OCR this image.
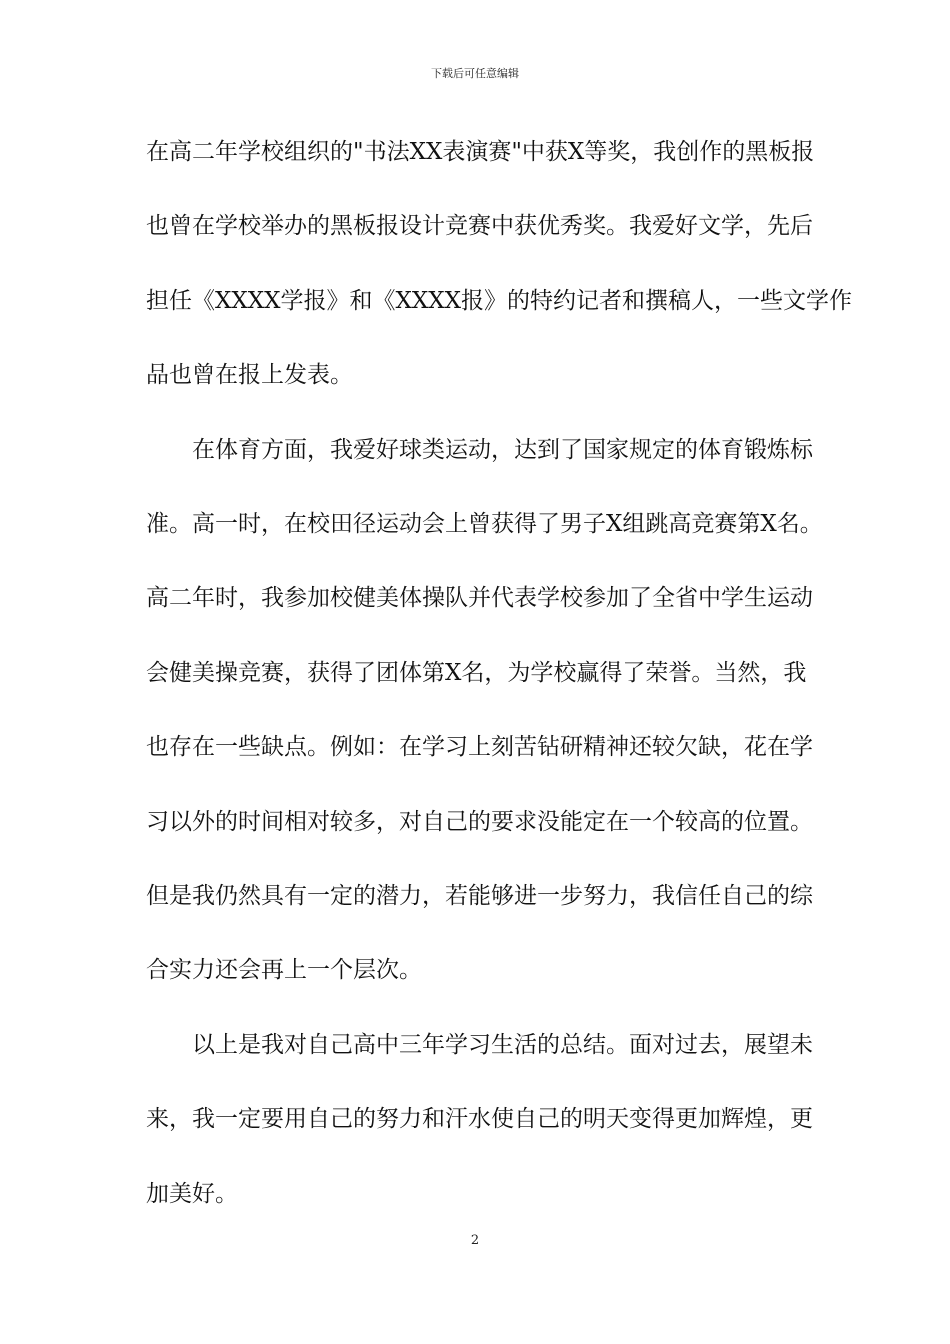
下载后可任意编辑
在高二年学校组织的"书法XX表演赛"中获X等奖，我创作的黑板报
也曾在学校举办的黑板报设计竞赛中获优秀奖。我爱好文学，先后
担任《XXXX学报》和《XXXX报》的特约记者和撰稿人，一些文学作
品也曾在报上发表。
　　在体育方面，我爱好球类运动，达到了国家规定的体育锻炼标
准。高一时，在校田径运动会上曾获得了男子X组跳高竞赛第X名。
高二年时，我参加校健美体操队并代表学校参加了全省中学生运动
会健美操竞赛，获得了团体第X名，为学校赢得了荣誉。当然，我
也存在一些缺点。例如：在学习上刻苦钻研精神还较欠缺，花在学
习以外的时间相对较多，对自己的要求没能定在一个较高的位置。
但是我仍然具有一定的潜力，若能够进一步努力，我信任自己的综
合实力还会再上一个层次。
　　以上是我对自己高中三年学习生活的总结。面对过去，展望未
来，我一定要用自己的努力和汗水使自己的明天变得更加辉煌，更
加美好。
2
